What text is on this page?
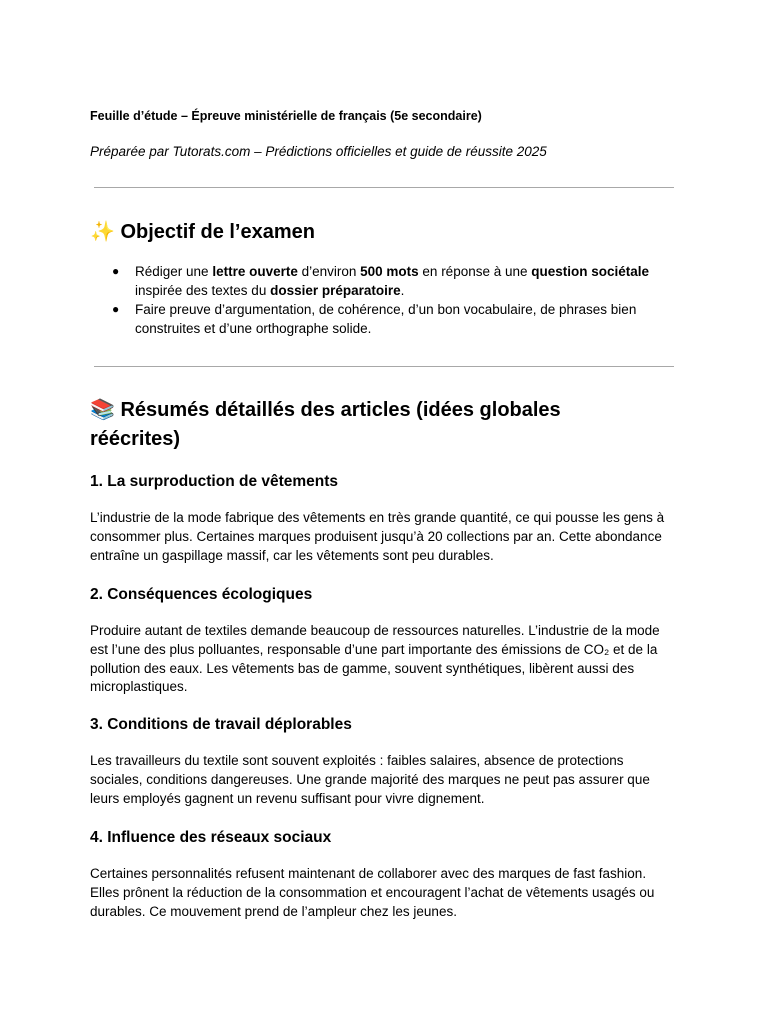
Feuille d’étude – Épreuve ministérielle de français (5e secondaire)
Préparée par Tutorats.com – Prédictions officielles et guide de réussite 2025
✨ Objectif de l’examen
● Rédiger une lettre ouverte d’environ 500 mots en réponse à une question sociétale
inspirée des textes du dossier préparatoire.
● Faire preuve d’argumentation, de cohérence, d’un bon vocabulaire, de phrases bien
construites et d’une orthographe solide.
📚 Résumés détaillés des articles (idées globales
réécrites)
1. La surproduction de vêtements
L’industrie de la mode fabrique des vêtements en très grande quantité, ce qui pousse les gens à
consommer plus. Certaines marques produisent jusqu’à 20 collections par an. Cette abondance
entraîne un gaspillage massif, car les vêtements sont peu durables.
2. Conséquences écologiques
Produire autant de textiles demande beaucoup de ressources naturelles. L’industrie de la mode
est l’une des plus polluantes, responsable d’une part importante des émissions de CO₂ et de la
pollution des eaux. Les vêtements bas de gamme, souvent synthétiques, libèrent aussi des
microplastiques.
3. Conditions de travail déplorables
Les travailleurs du textile sont souvent exploités : faibles salaires, absence de protections
sociales, conditions dangereuses. Une grande majorité des marques ne peut pas assurer que
leurs employés gagnent un revenu suffisant pour vivre dignement.
4. Influence des réseaux sociaux
Certaines personnalités refusent maintenant de collaborer avec des marques de fast fashion.
Elles prônent la réduction de la consommation et encouragent l’achat de vêtements usagés ou
durables. Ce mouvement prend de l’ampleur chez les jeunes.
